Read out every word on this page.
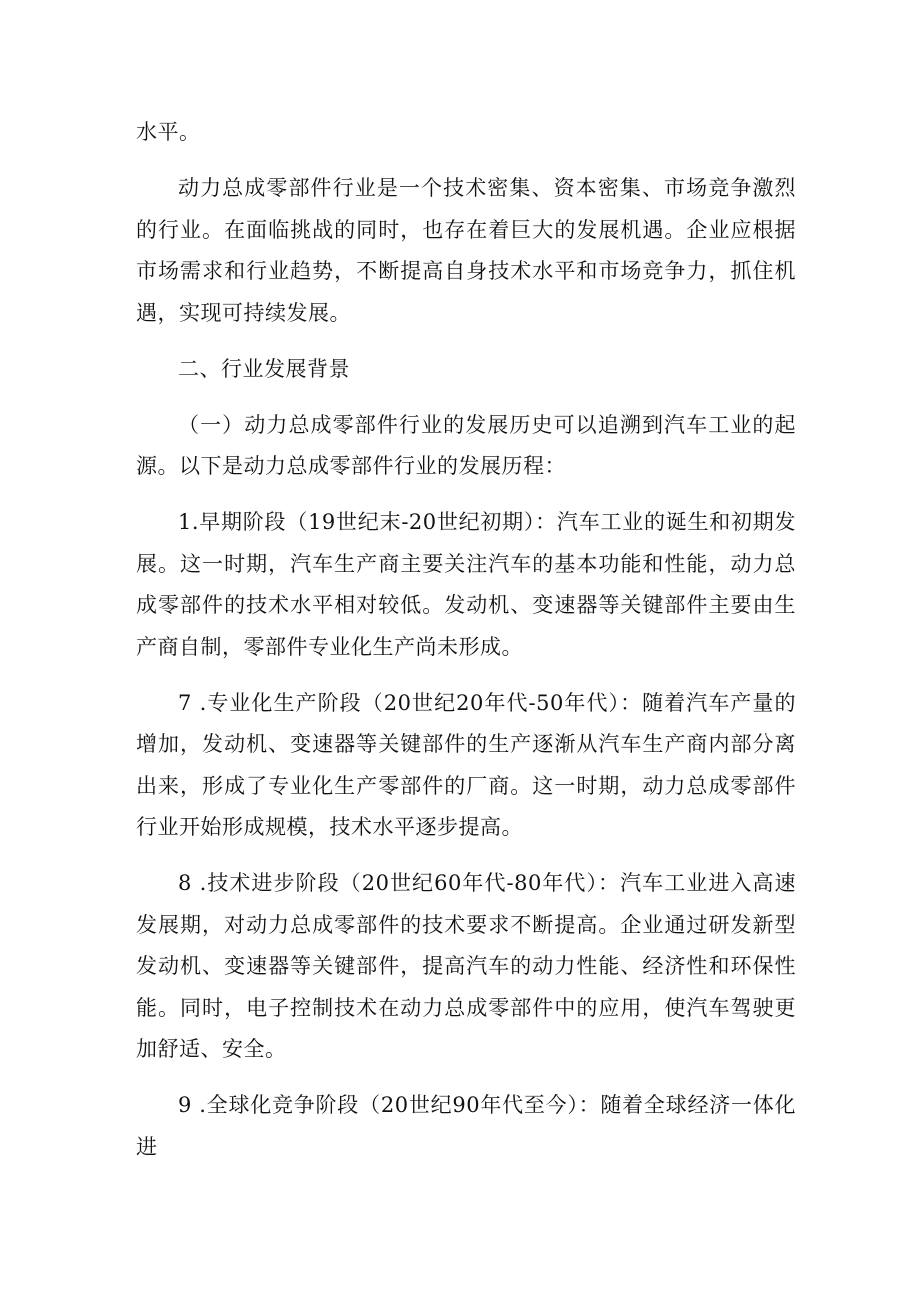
水平。

动力总成零部件行业是一个技术密集、资本密集、市场竞争激烈的行业。在面临挑战的同时，也存在着巨大的发展机遇。企业应根据市场需求和行业趋势，不断提高自身技术水平和市场竞争力，抓住机遇，实现可持续发展。

二、行业发展背景

（一）动力总成零部件行业的发展历史可以追溯到汽车工业的起源。以下是动力总成零部件行业的发展历程：

1.早期阶段（19世纪末-20世纪初期）：汽车工业的诞生和初期发展。这一时期，汽车生产商主要关注汽车的基本功能和性能，动力总成零部件的技术水平相对较低。发动机、变速器等关键部件主要由生产商自制，零部件专业化生产尚未形成。

7 .专业化生产阶段（20世纪20年代-50年代）：随着汽车产量的增加，发动机、变速器等关键部件的生产逐渐从汽车生产商内部分离出来，形成了专业化生产零部件的厂商。这一时期，动力总成零部件行业开始形成规模，技术水平逐步提高。

8 .技术进步阶段（20世纪60年代-80年代）：汽车工业进入高速发展期，对动力总成零部件的技术要求不断提高。企业通过研发新型发动机、变速器等关键部件，提高汽车的动力性能、经济性和环保性能。同时，电子控制技术在动力总成零部件中的应用，使汽车驾驶更加舒适、安全。

9 .全球化竞争阶段（20世纪90年代至今）：随着全球经济一体化进
